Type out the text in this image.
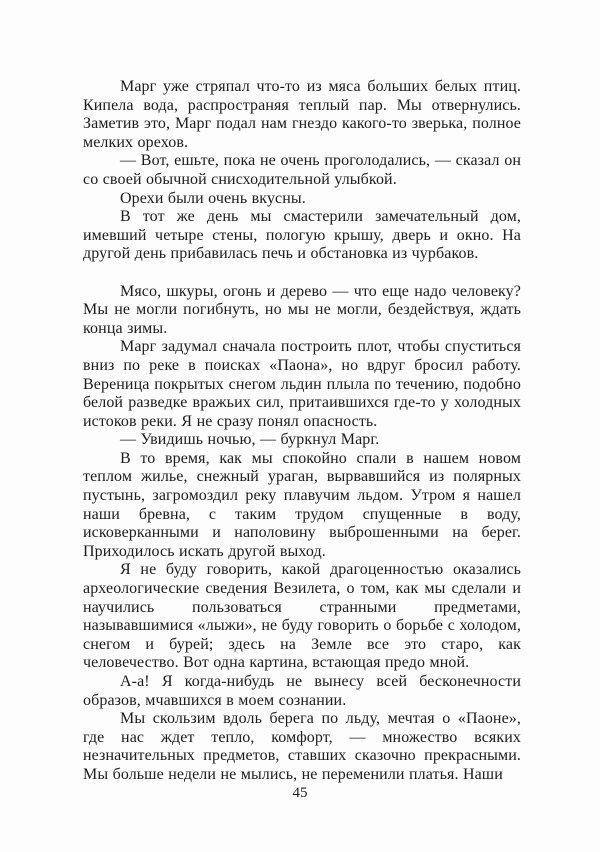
Марг уже стряпал что-то из мяса больших белых птиц. Кипела вода, распространяя теплый пар. Мы отвернулись. Заметив это, Марг подал нам гнездо какого-то зверька, полное мелких орехов.

— Вот, ешьте, пока не очень проголодались, — сказал он со своей обычной снисходительной улыбкой.

Орехи были очень вкусны.

В тот же день мы смастерили замечательный дом, имевший четыре стены, пологую крышу, дверь и окно. На другой день прибавилась печь и обстановка из чурбаков.

Мясо, шкуры, огонь и дерево — что еще надо человеку? Мы не могли погибнуть, но мы не могли, бездействуя, ждать конца зимы.

Марг задумал сначала построить плот, чтобы спуститься вниз по реке в поисках «Паона», но вдруг бросил работу. Вереница покрытых снегом льдин плыла по течению, подобно белой разведке вражьих сил, притаившихся где-то у холодных истоков реки. Я не сразу понял опасность.

— Увидишь ночью, — буркнул Марг.

В то время, как мы спокойно спали в нашем новом теплом жилье, снежный ураган, вырвавшийся из полярных пустынь, загромоздил реку плавучим льдом. Утром я нашел наши бревна, с таким трудом спущенные в воду, исковерканными и наполовину выброшенными на берег. Приходилось искать другой выход.

Я не буду говорить, какой драгоценностью оказались археологические сведения Везилета, о том, как мы сделали и научились пользоваться странными предметами, называвшимися «лыжи», не буду говорить о борьбе с холодом, снегом и бурей; здесь на Земле все это старо, как человечество. Вот одна картина, встающая предо мной.

А-а! Я когда-нибудь не вынесу всей бесконечности образов, мчавшихся в моем сознании.

Мы скользим вдоль берега по льду, мечтая о «Паоне», где нас ждет тепло, комфорт, — множество всяких незначительных предметов, ставших сказочно прекрасными. Мы больше недели не мылись, не переменили платья. Наши

45
